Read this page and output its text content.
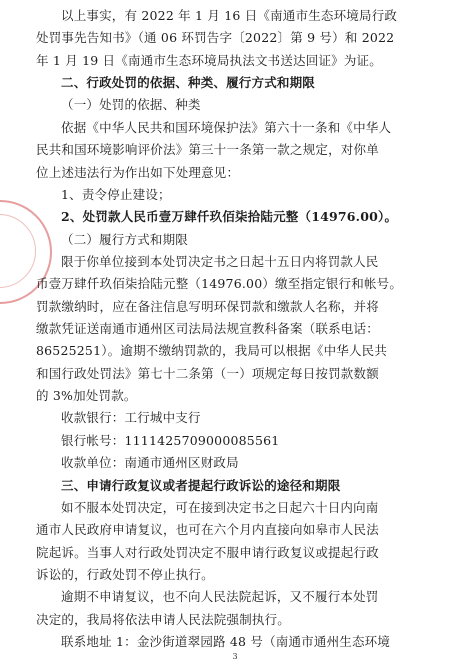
以上事实，有 2022 年 1 月 16 日《南通市生态环境局行政
处罚事先告知书》（通 06 环罚告字〔2022〕第 9 号）和 2022
年 1 月 19 日《南通市生态环境局执法文书送达回证》为证。
二、行政处罚的依据、种类、履行方式和期限
（一）处罚的依据、种类
依据《中华人民共和国环境保护法》第六十一条和《中华人
民共和国环境影响评价法》第三十一条第一款之规定，对你单
位上述违法行为作出如下处理意见：
1、责令停止建设；
2、处罚款人民币壹万肆仟玖佰柒拾陆元整（14976.00）。
（二）履行方式和期限
限于你单位接到本处罚决定书之日起十五日内将罚款人民
币壹万肆仟玖佰柒拾陆元整（14976.00）缴至指定银行和帐号。
罚款缴纳时，应在备注信息写明环保罚款和缴款人名称，并将
缴款凭证送南通市通州区司法局法规宣教科备案（联系电话：
86525251）。逾期不缴纳罚款的，我局可以根据《中华人民共
和国行政处罚法》第七十二条第（一）项规定每日按罚款数额
的 3%加处罚款。
收款银行：工行城中支行
银行帐号：1111425709000085561
收款单位：南通市通州区财政局
三、申请行政复议或者提起行政诉讼的途径和期限
如不服本处罚决定，可在接到决定书之日起六十日内向南
通市人民政府申请复议，也可在六个月内直接向如皋市人民法
院起诉。当事人对行政处罚决定不服申请行政复议或提起行政
诉讼的，行政处罚不停止执行。
逾期不申请复议，也不向人民法院起诉，又不履行本处罚
决定的，我局将依法申请人民法院强制执行。
联系地址 1：金沙街道翠园路 48 号（南通市通州生态环境
3
